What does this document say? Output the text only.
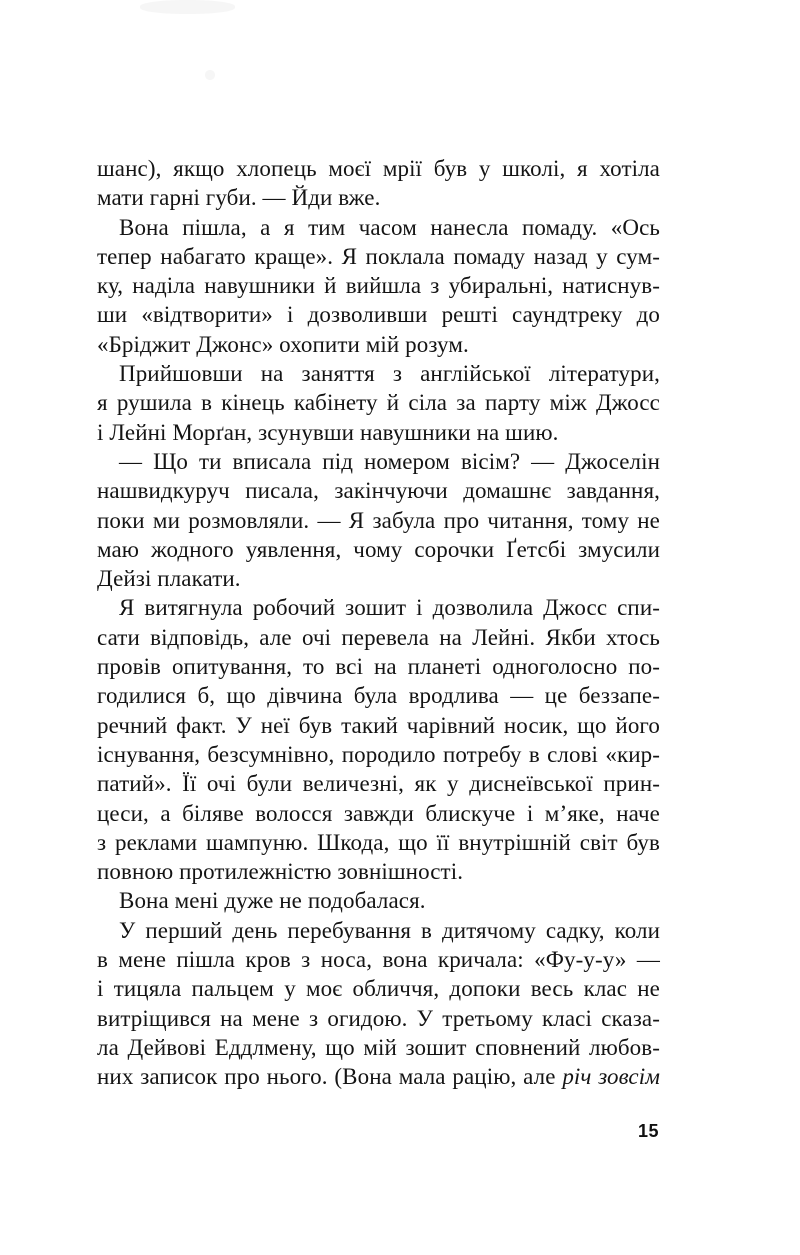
шанс), якщо хлопець моєї мрії був у школі, я хотіла
мати гарні губи. — Йди вже.
Вона пішла, а я тим часом нанесла помаду. «Ось
тепер набагато краще». Я поклала помаду назад у сум-
ку, наділа навушники й вийшла з убиральні, натиснув-
ши «відтворити» і дозволивши решті саундтреку до
«Бріджит Джонс» охопити мій розум.
Прийшовши на заняття з англійської літератури,
я рушила в кінець кабінету й сіла за парту між Джосс
і Лейні Морґан, зсунувши навушники на шию.
— Що ти вписала під номером вісім? — Джоселін
нашвидкуруч писала, закінчуючи домашнє завдання,
поки ми розмовляли. — Я забула про читання, тому не
маю жодного уявлення, чому сорочки Ґетсбі змусили
Дейзі плакати.
Я витягнула робочий зошит і дозволила Джосс спи-
сати відповідь, але очі перевела на Лейні. Якби хтось
провів опитування, то всі на планеті одноголосно по-
годилися б, що дівчина була вродлива — це беззапе-
речний факт. У неї був такий чарівний носик, що його
існування, безсумнівно, породило потребу в слові «кир-
патий». Її очі були величезні, як у диснеївської прин-
цеси, а біляве волосся завжди блискуче і м’яке, наче
з реклами шампуню. Шкода, що її внутрішній світ був
повною протилежністю зовнішності.
Вона мені дуже не подобалася.
У перший день перебування в дитячому садку, коли
в мене пішла кров з носа, вона кричала: «Фу-у-у» —
і тицяла пальцем у моє обличчя, допоки весь клас не
витріщився на мене з огидою. У третьому класі сказа-
ла Дейвові Еддлмену, що мій зошит сповнений любов-
них записок про нього. (Вона мала рацію, але річ зовсім
15
